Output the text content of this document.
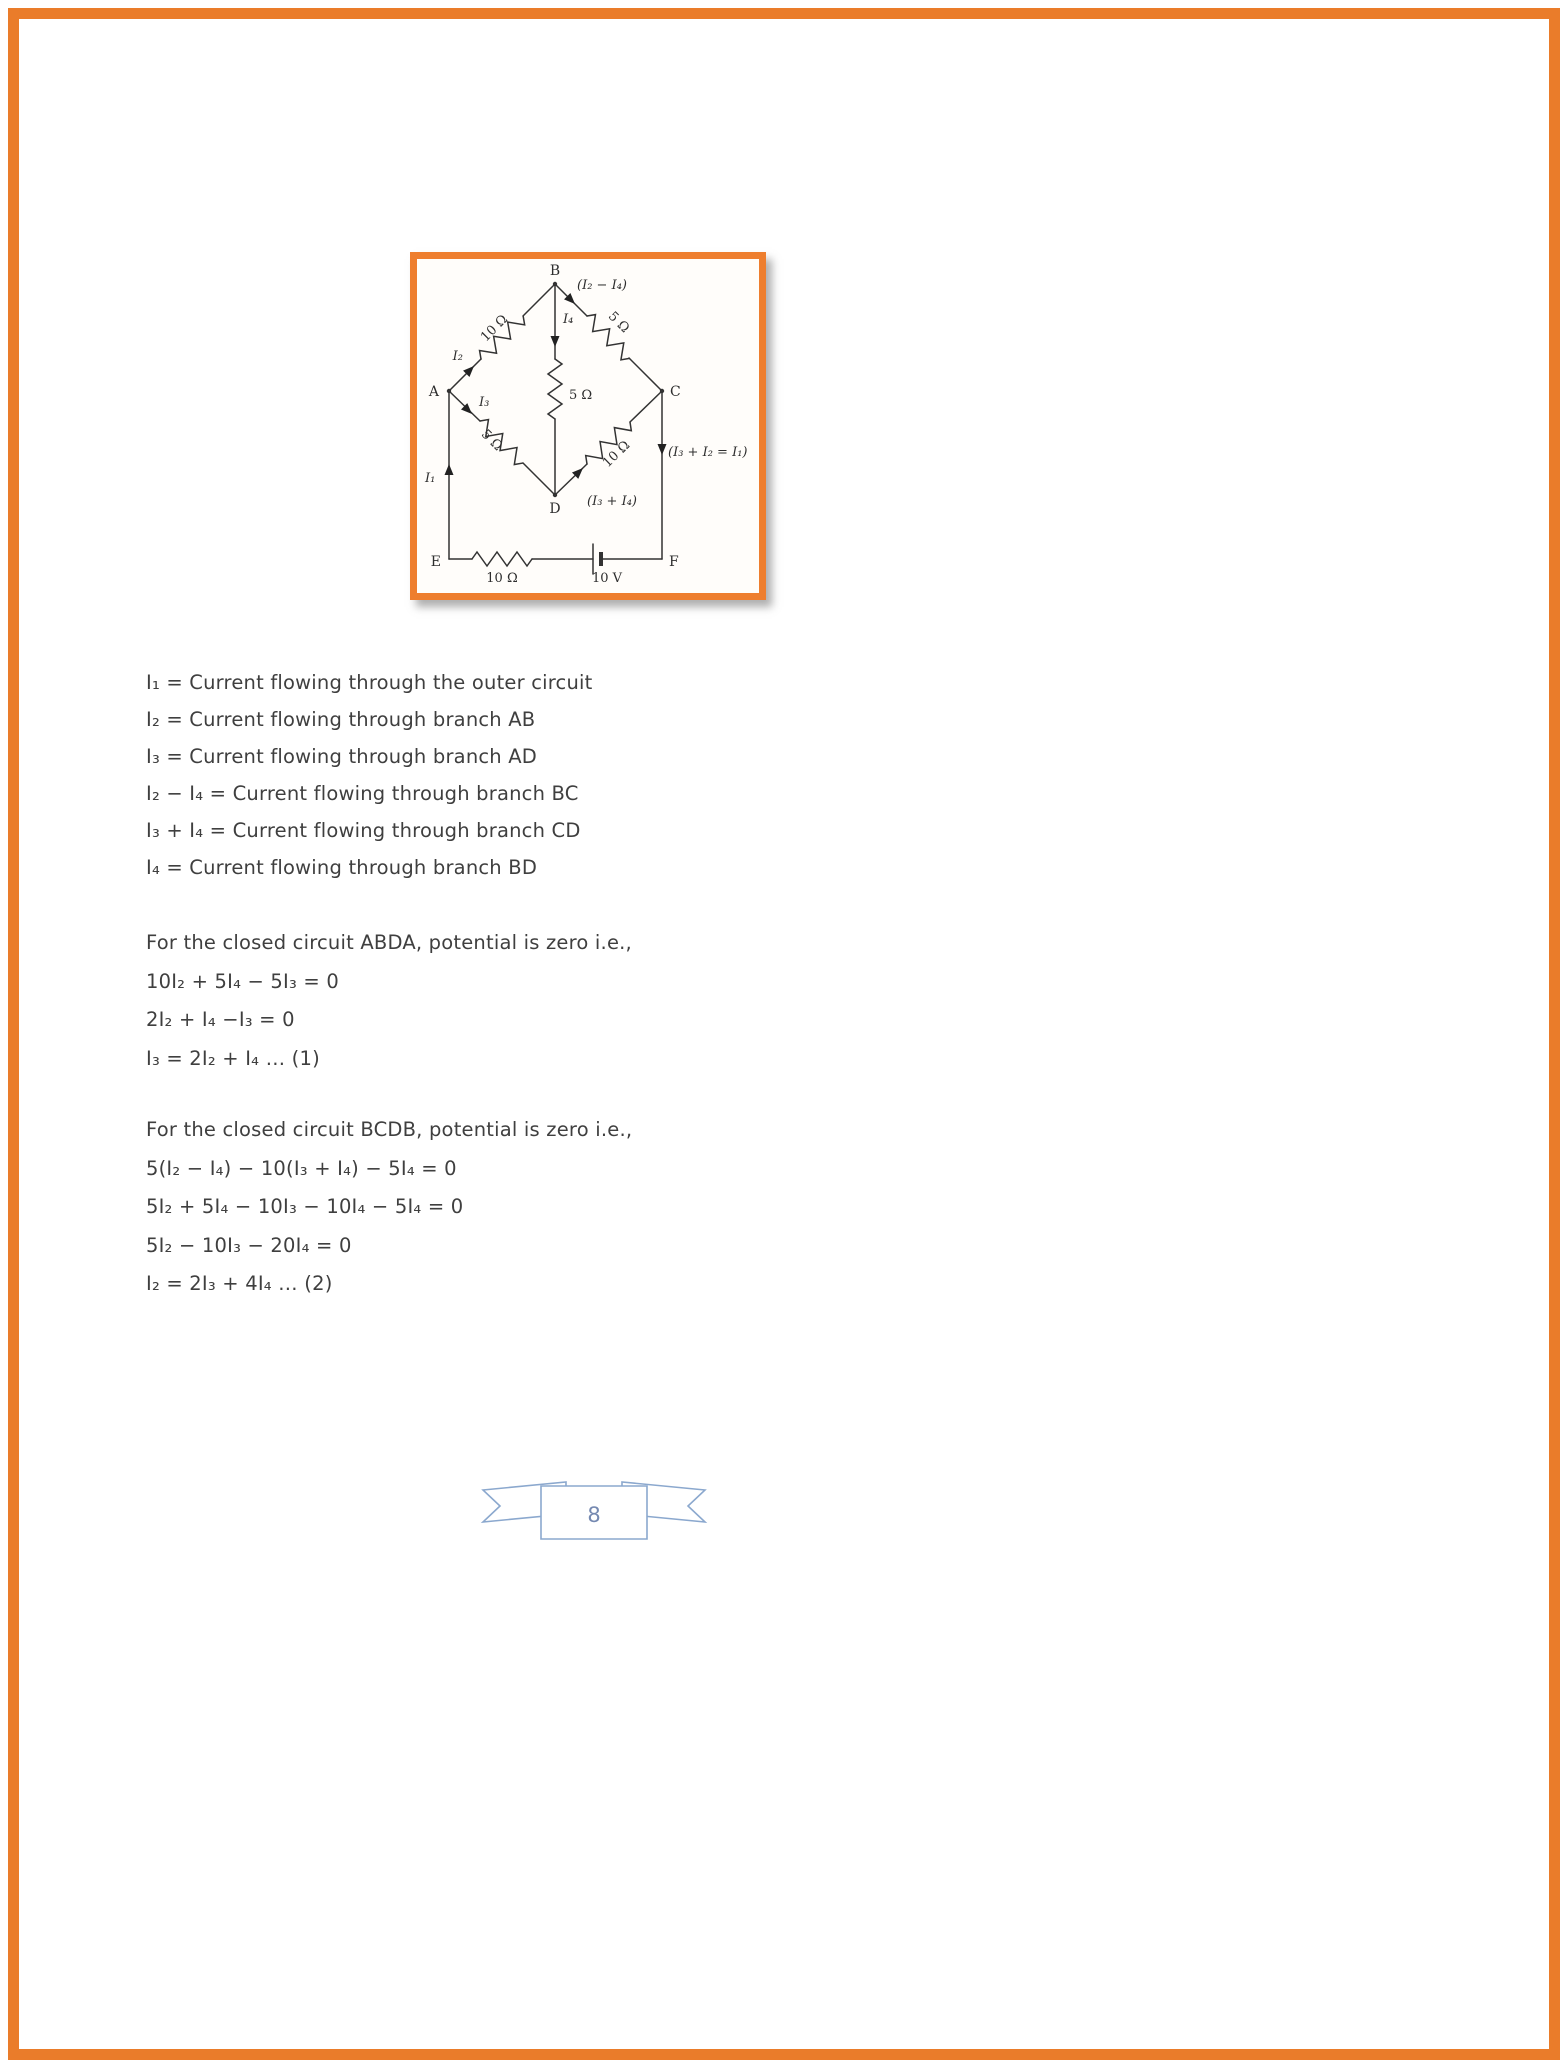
B
A	C
D
E	F
10 Ω	5 Ω
5 Ω	10 Ω
5 Ω
10 Ω	10 V
I₂
(I₂ − I₄)
I₄
I₃
(I₃ + I₄)
(I₃ + I₂ = I₁)
I₁
I₁ = Current flowing through the outer circuit
I₂ = Current flowing through branch AB
I₃ = Current flowing through branch AD
I₂ − I₄ = Current flowing through branch BC
I₃ + I₄ = Current flowing through branch CD
I₄ = Current flowing through branch BD
For the closed circuit ABDA, potential is zero i.e.,
10I₂ + 5I₄ − 5I₃ = 0
2I₂ + I₄ −I₃ = 0
I₃ = 2I₂ + I₄ … (1)
For the closed circuit BCDB, potential is zero i.e.,
5(I₂ − I₄) − 10(I₃ + I₄) − 5I₄ = 0
5I₂ + 5I₄ − 10I₃ − 10I₄ − 5I₄ = 0
5I₂ − 10I₃ − 20I₄ = 0
I₂ = 2I₃ + 4I₄ … (2)
8
